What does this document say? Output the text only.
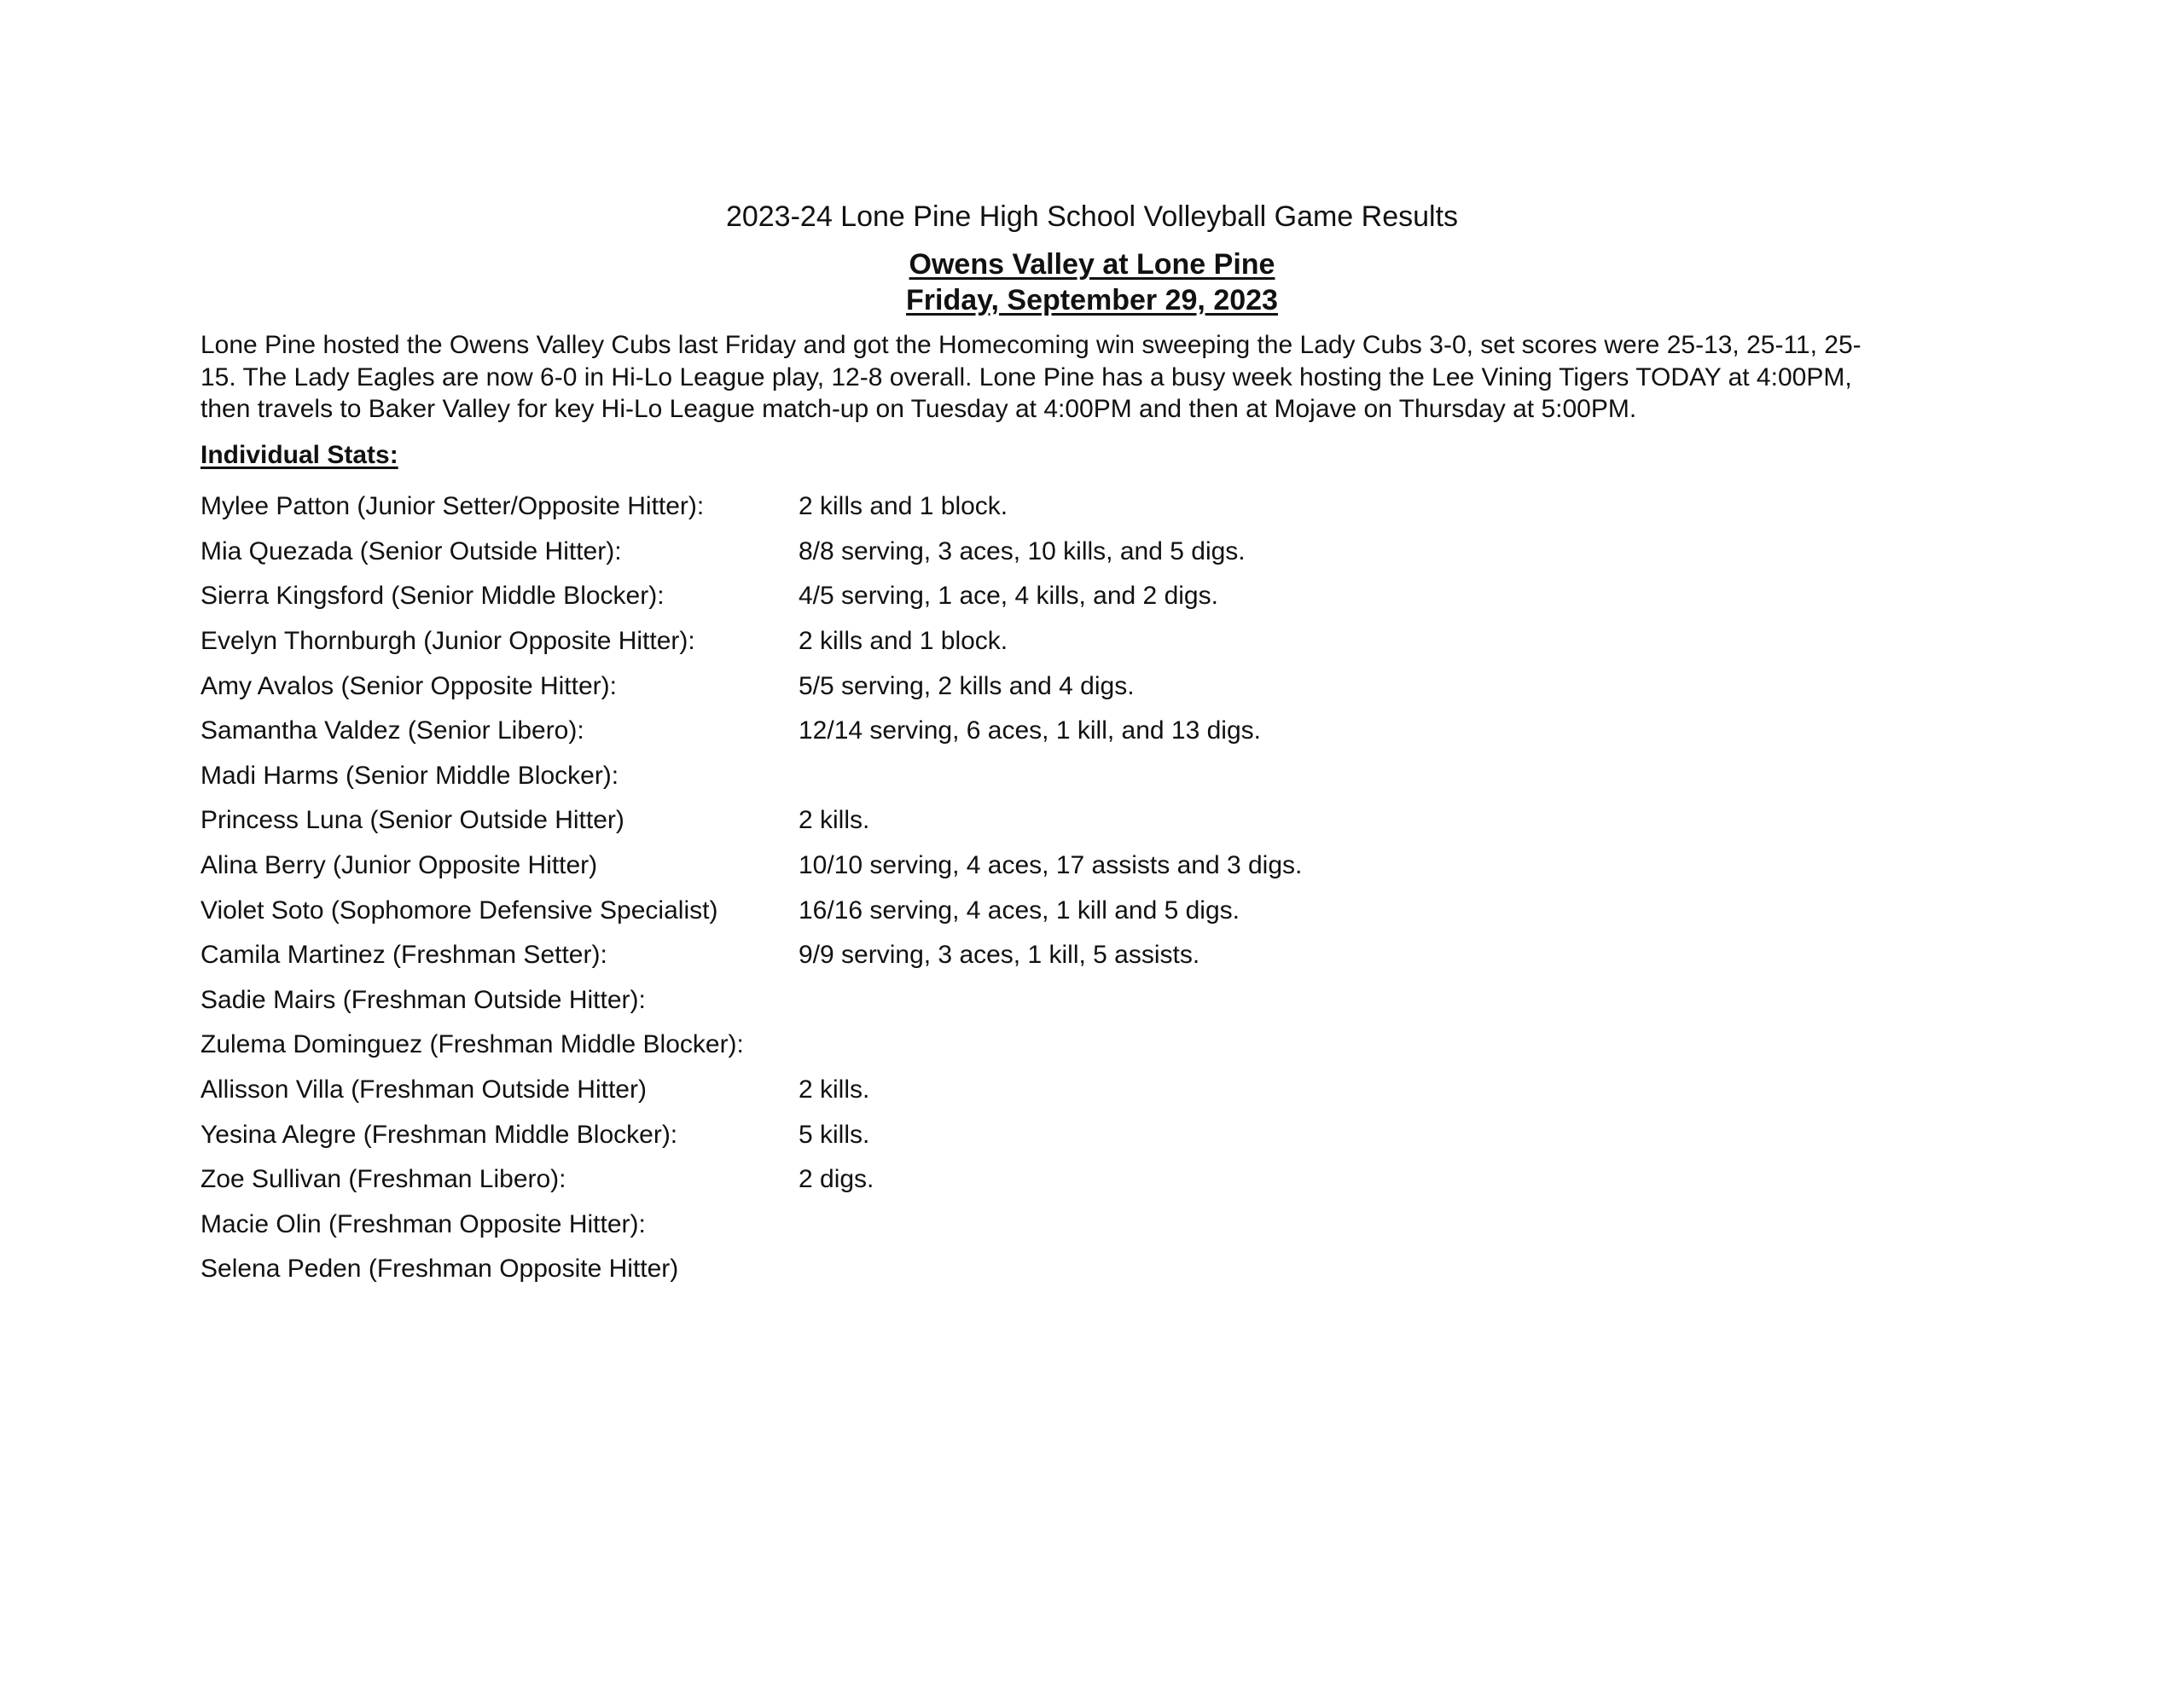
2023-24 Lone Pine High School Volleyball Game Results
Owens Valley at Lone Pine
Friday, September 29, 2023

Lone Pine hosted the Owens Valley Cubs last Friday and got the Homecoming win sweeping the Lady Cubs 3-0, set scores were 25-13, 25-11, 25-
15. The Lady Eagles are now 6-0 in Hi-Lo League play, 12-8 overall. Lone Pine has a busy week hosting the Lee Vining Tigers TODAY at 4:00PM,
then travels to Baker Valley for key Hi-Lo League match-up on Tuesday at 4:00PM and then at Mojave on Thursday at 5:00PM.

Individual Stats:
Mylee Patton (Junior Setter/Opposite Hitter):	2 kills and 1 block.
Mia Quezada (Senior Outside Hitter):	8/8 serving, 3 aces, 10 kills, and 5 digs.
Sierra Kingsford (Senior Middle Blocker):	4/5 serving, 1 ace, 4 kills, and 2 digs.
Evelyn Thornburgh (Junior Opposite Hitter):	2 kills and 1 block.
Amy Avalos (Senior Opposite Hitter):	5/5 serving, 2 kills and 4 digs.
Samantha Valdez (Senior Libero):	12/14 serving, 6 aces, 1 kill, and 13 digs.
Madi Harms (Senior Middle Blocker):
Princess Luna (Senior Outside Hitter)	2 kills.
Alina Berry (Junior Opposite Hitter)	10/10 serving, 4 aces, 17 assists and 3 digs.
Violet Soto (Sophomore Defensive Specialist)	16/16 serving, 4 aces, 1 kill and 5 digs.
Camila Martinez (Freshman Setter):	9/9 serving, 3 aces, 1 kill, 5 assists.
Sadie Mairs (Freshman Outside Hitter):
Zulema Dominguez (Freshman Middle Blocker):
Allisson Villa (Freshman Outside Hitter)	2 kills.
Yesina Alegre (Freshman Middle Blocker):	5 kills.
Zoe Sullivan (Freshman Libero):	2 digs.
Macie Olin (Freshman Opposite Hitter):
Selena Peden (Freshman Opposite Hitter)
